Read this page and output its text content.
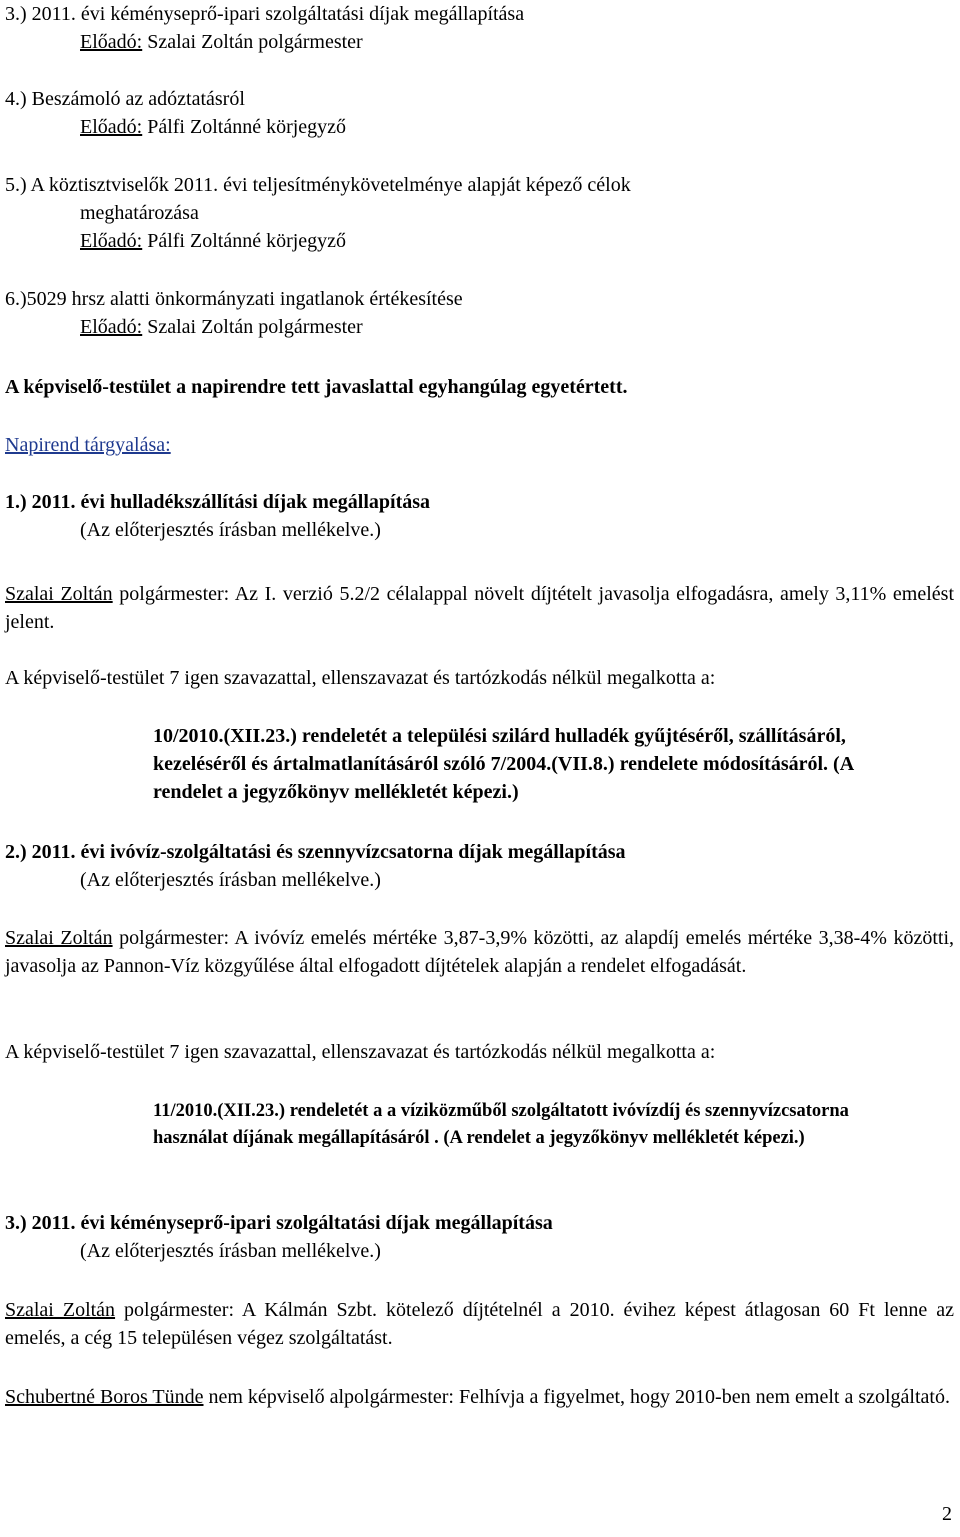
3.) 2011. évi kéményseprő-ipari szolgáltatási díjak megállapítása

Előadó: Szalai Zoltán polgármester

4.) Beszámoló az adóztatásról

Előadó: Pálfi Zoltánné körjegyző

5.) A köztisztviselők 2011. évi teljesítménykövetelménye alapját képező célok

meghatározása

Előadó: Pálfi Zoltánné körjegyző

6.)5029 hrsz alatti önkormányzati ingatlanok értékesítése

Előadó: Szalai Zoltán polgármester

A képviselő-testület a napirendre tett javaslattal egyhangúlag egyetértett.

Napirend tárgyalása:

1.) 2011. évi hulladékszállítási díjak megállapítása

(Az előterjesztés írásban mellékelve.)

Szalai Zoltán polgármester: Az I. verzió 5.2/2 célalappal növelt díjtételt javasolja elfogadásra, amely 3,11% emelést jelent.

A képviselő-testület 7 igen szavazattal, ellenszavazat és tartózkodás nélkül megalkotta a:

10/2010.(XII.23.) rendeletét a települési szilárd hulladék gyűjtéséről, szállításáról, kezeléséről és ártalmatlanításáról szóló 7/2004.(VII.8.) rendelete módosításáról. (A rendelet a jegyzőkönyv mellékletét képezi.)

2.) 2011. évi ivóvíz-szolgáltatási és szennyvízcsatorna díjak megállapítása

(Az előterjesztés írásban mellékelve.)

Szalai Zoltán polgármester: A ivóvíz emelés mértéke 3,87-3,9% közötti, az alapdíj emelés mértéke 3,38-4% közötti, javasolja az Pannon-Víz közgyűlése által elfogadott díjtételek alapján a rendelet elfogadását.

A képviselő-testület 7 igen szavazattal, ellenszavazat és tartózkodás nélkül megalkotta a:

11/2010.(XII.23.) rendeletét a a víziközműből szolgáltatott ivóvízdíj és szennyvízcsatorna használat díjának megállapításáról . (A rendelet a jegyzőkönyv mellékletét képezi.)

3.) 2011. évi kéményseprő-ipari szolgáltatási díjak megállapítása

(Az előterjesztés írásban mellékelve.)

Szalai Zoltán polgármester: A Kálmán Szbt. kötelező díjtételnél a 2010. évihez képest átlagosan 60 Ft lenne az emelés, a cég 15 településen végez szolgáltatást.

Schubertné Boros Tünde nem képviselő alpolgármester: Felhívja a figyelmet, hogy 2010-ben nem emelt a szolgáltató.

2
